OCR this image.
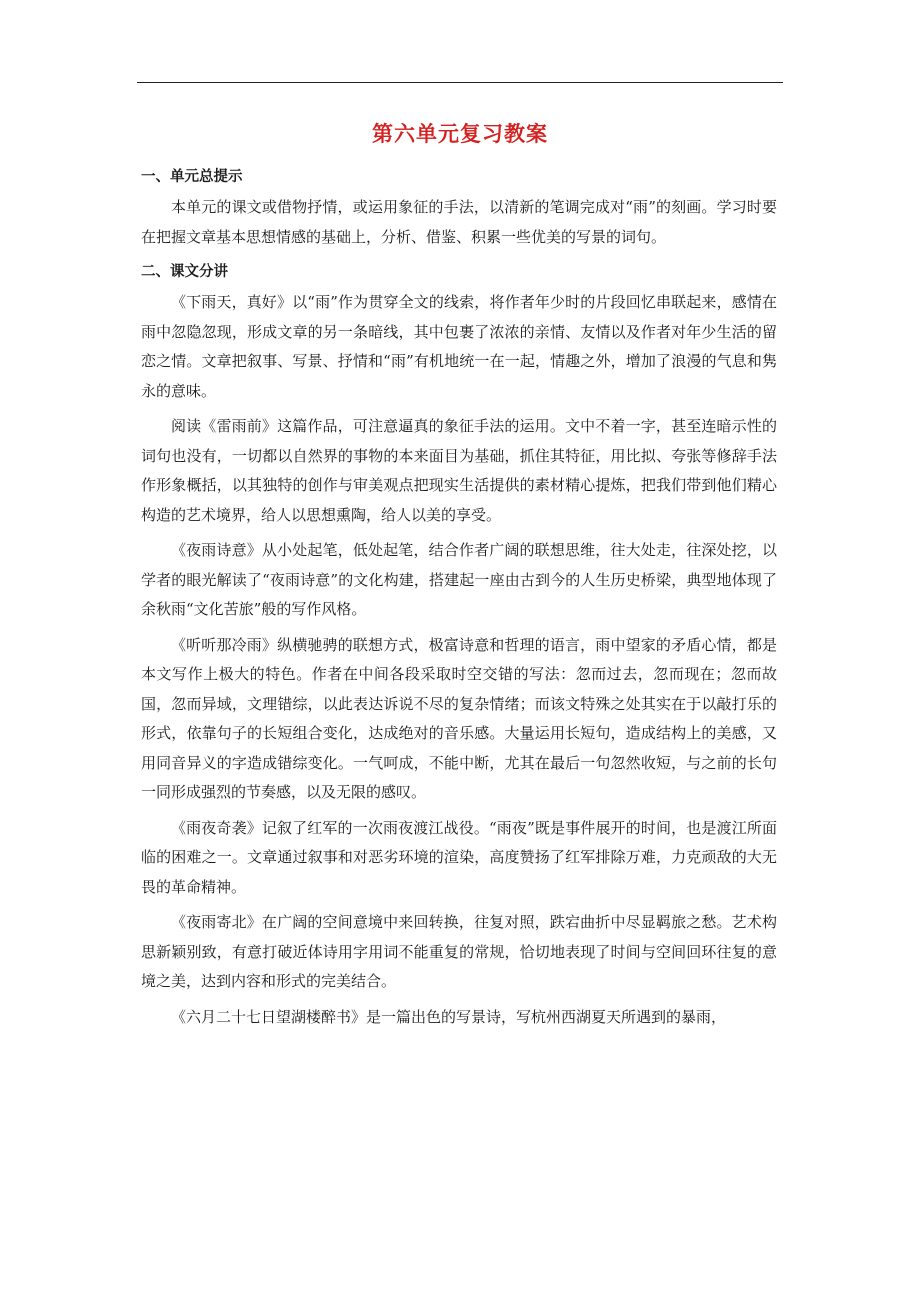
第六单元复习教案
一、单元总提示

本单元的课文或借物抒情，或运用象征的手法，以清新的笔调完成对“雨”的刻画。学习时要在把握文章基本思想情感的基础上，分析、借鉴、积累一些优美的写景的词句。

二、课文分讲

《下雨天，真好》以“雨”作为贯穿全文的线索，将作者年少时的片段回忆串联起来，感情在雨中忽隐忽现，形成文章的另一条暗线，其中包裹了浓浓的亲情、友情以及作者对年少生活的留恋之情。文章把叙事、写景、抒情和“雨”有机地统一在一起，情趣之外，增加了浪漫的气息和隽永的意味。

阅读《雷雨前》这篇作品，可注意逼真的象征手法的运用。文中不着一字，甚至连暗示性的词句也没有，一切都以自然界的事物的本来面目为基础，抓住其特征，用比拟、夸张等修辞手法作形象概括，以其独特的创作与审美观点把现实生活提供的素材精心提炼，把我们带到他们精心构造的艺术境界，给人以思想熏陶，给人以美的享受。

《夜雨诗意》从小处起笔，低处起笔，结合作者广阔的联想思维，往大处走，往深处挖，以学者的眼光解读了“夜雨诗意”的文化构建，搭建起一座由古到今的人生历史桥梁，典型地体现了余秋雨“文化苦旅”般的写作风格。

《听听那冷雨》纵横驰骋的联想方式，极富诗意和哲理的语言，雨中望家的矛盾心情，都是本文写作上极大的特色。作者在中间各段采取时空交错的写法：忽而过去，忽而现在；忽而故国，忽而异域，文理错综，以此表达诉说不尽的复杂情绪；而该文特殊之处其实在于以敲打乐的形式，依靠句子的长短组合变化，达成绝对的音乐感。大量运用长短句，造成结构上的美感，又用同音异义的字造成错综变化。一气呵成，不能中断，尤其在最后一句忽然收短，与之前的长句一同形成强烈的节奏感，以及无限的感叹。

《雨夜奇袭》记叙了红军的一次雨夜渡江战役。“雨夜”既是事件展开的时间，也是渡江所面临的困难之一。文章通过叙事和对恶劣环境的渲染，高度赞扬了红军排除万难，力克顽敌的大无畏的革命精神。

《夜雨寄北》在广阔的空间意境中来回转换，往复对照，跌宕曲折中尽显羁旅之愁。艺术构思新颖别致，有意打破近体诗用字用词不能重复的常规，恰切地表现了时间与空间回环往复的意境之美，达到内容和形式的完美结合。

《六月二十七日望湖楼醉书》是一篇出色的写景诗，写杭州西湖夏天所遇到的暴雨，
